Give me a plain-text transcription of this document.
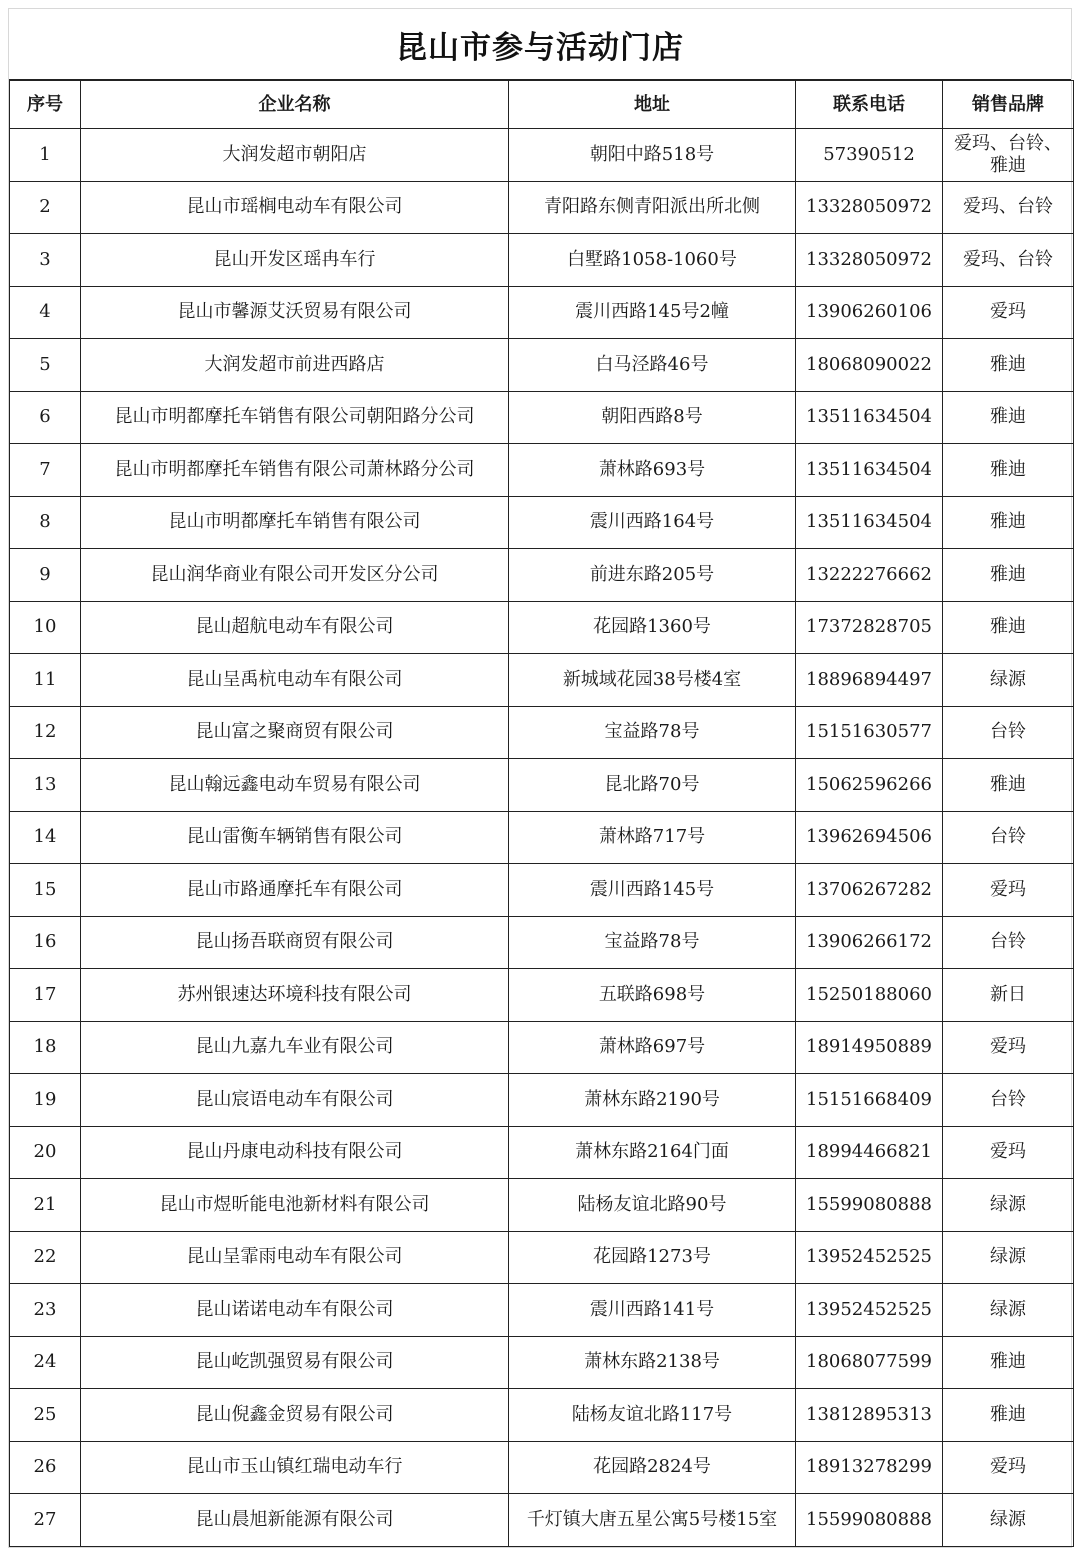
昆山市参与活动门店
序号	企业名称	地址	联系电话	销售品牌
1	大润发超市朝阳店	朝阳中路518号	57390512	爱玛、台铃、雅迪
2	昆山市瑶榈电动车有限公司	青阳路东侧青阳派出所北侧	13328050972	爱玛、台铃
3	昆山开发区瑶冉车行	白墅路1058-1060号	13328050972	爱玛、台铃
4	昆山市馨源艾沃贸易有限公司	震川西路145号2幢	13906260106	爱玛
5	大润发超市前进西路店	白马泾路46号	18068090022	雅迪
6	昆山市明都摩托车销售有限公司朝阳路分公司	朝阳西路8号	13511634504	雅迪
7	昆山市明都摩托车销售有限公司萧林路分公司	萧林路693号	13511634504	雅迪
8	昆山市明都摩托车销售有限公司	震川西路164号	13511634504	雅迪
9	昆山润华商业有限公司开发区分公司	前进东路205号	13222276662	雅迪
10	昆山超航电动车有限公司	花园路1360号	17372828705	雅迪
11	昆山呈禹杭电动车有限公司	新城域花园38号楼4室	18896894497	绿源
12	昆山富之聚商贸有限公司	宝益路78号	15151630577	台铃
13	昆山翰远鑫电动车贸易有限公司	昆北路70号	15062596266	雅迪
14	昆山雷衡车辆销售有限公司	萧林路717号	13962694506	台铃
15	昆山市路通摩托车有限公司	震川西路145号	13706267282	爱玛
16	昆山扬吾联商贸有限公司	宝益路78号	13906266172	台铃
17	苏州银速达环境科技有限公司	五联路698号	15250188060	新日
18	昆山九嘉九车业有限公司	萧林路697号	18914950889	爱玛
19	昆山宸语电动车有限公司	萧林东路2190号	15151668409	台铃
20	昆山丹康电动科技有限公司	萧林东路2164门面	18994466821	爱玛
21	昆山市煜昕能电池新材料有限公司	陆杨友谊北路90号	15599080888	绿源
22	昆山呈霏雨电动车有限公司	花园路1273号	13952452525	绿源
23	昆山诺诺电动车有限公司	震川西路141号	13952452525	绿源
24	昆山屹凯强贸易有限公司	萧林东路2138号	18068077599	雅迪
25	昆山倪鑫金贸易有限公司	陆杨友谊北路117号	13812895313	雅迪
26	昆山市玉山镇红瑞电动车行	花园路2824号	18913278299	爱玛
27	昆山晨旭新能源有限公司	千灯镇大唐五星公寓5号楼15室	15599080888	绿源
